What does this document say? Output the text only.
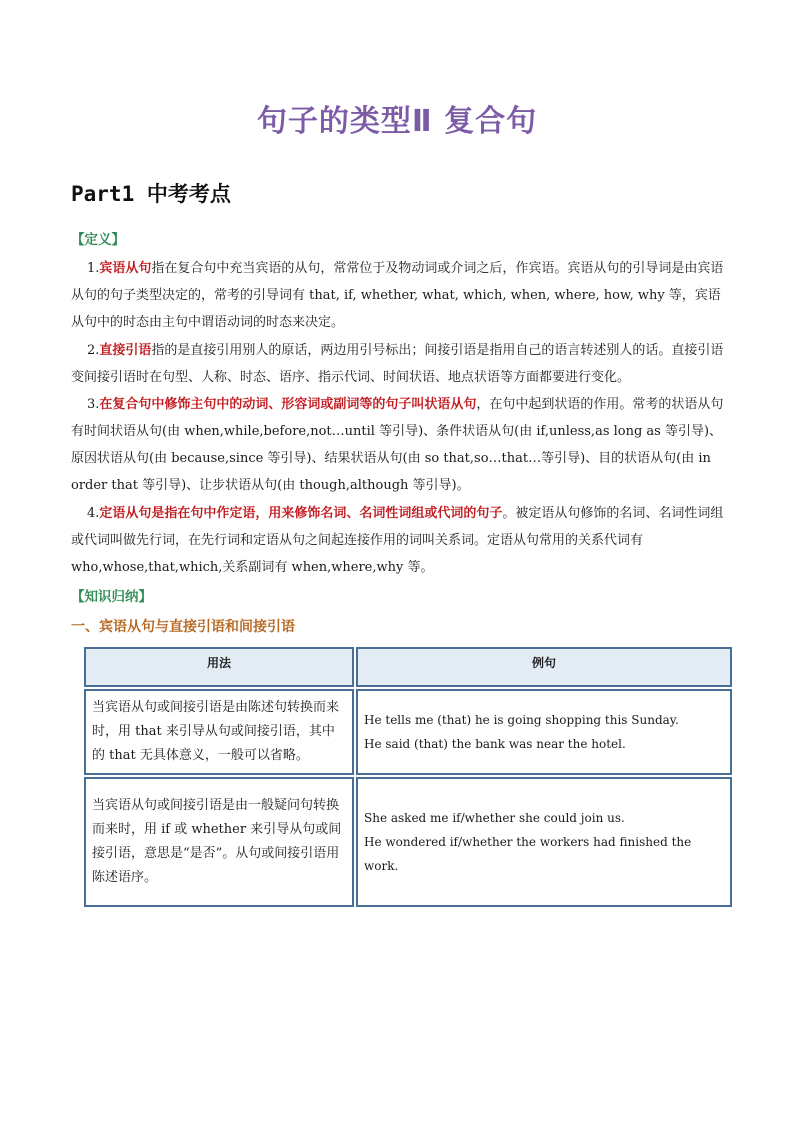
句子的类型Ⅱ 复合句
Part1 中考考点
【定义】

1.宾语从句指在复合句中充当宾语的从句，常常位于及物动词或介词之后，作宾语。宾语从句的引导词是由宾语从句的句子类型决定的，常考的引导词有 that, if, whether, what, which, when, where, how, why 等，宾语从句中的时态由主句中谓语动词的时态来决定。

2.直接引语指的是直接引用别人的原话，两边用引号标出；间接引语是指用自己的语言转述别人的话。直接引语变间接引语时在句型、人称、时态、语序、指示代词、时间状语、地点状语等方面都要进行变化。

3.在复合句中修饰主句中的动词、形容词或副词等的句子叫状语从句，在句中起到状语的作用。常考的状语从句有时间状语从句(由 when,while,before,not…until 等引导)、条件状语从句(由 if,unless,as long as 等引导)、原因状语从句(由 because,since 等引导)、结果状语从句(由 so that,so…that…等引导)、目的状语从句(由 in order that 等引导)、让步状语从句(由 though,although 等引导)。

4.定语从句是指在句中作定语，用来修饰名词、名词性词组或代词的句子。被定语从句修饰的名词、名词性词组或代词叫做先行词，在先行词和定语从句之间起连接作用的词叫关系词。定语从句常用的关系代词有 who,whose,that,which,关系副词有 when,where,why 等。

【知识归纳】
一、宾语从句与直接引语和间接引语
用法	例句
当宾语从句或间接引语是由陈述句转换而来时，用 that 来引导从句或间接引语，其中的 that 无具体意义，一般可以省略。
He tells me (that) he is going shopping this Sunday.
He said (that) the bank was near the hotel.
当宾语从句或间接引语是由一般疑问句转换而来时，用 if 或 whether 来引导从句或间接引语，意思是“是否”。从句或间接引语用陈述语序。
She asked me if/whether she could join us.
He wondered if/whether the workers had finished the work.
